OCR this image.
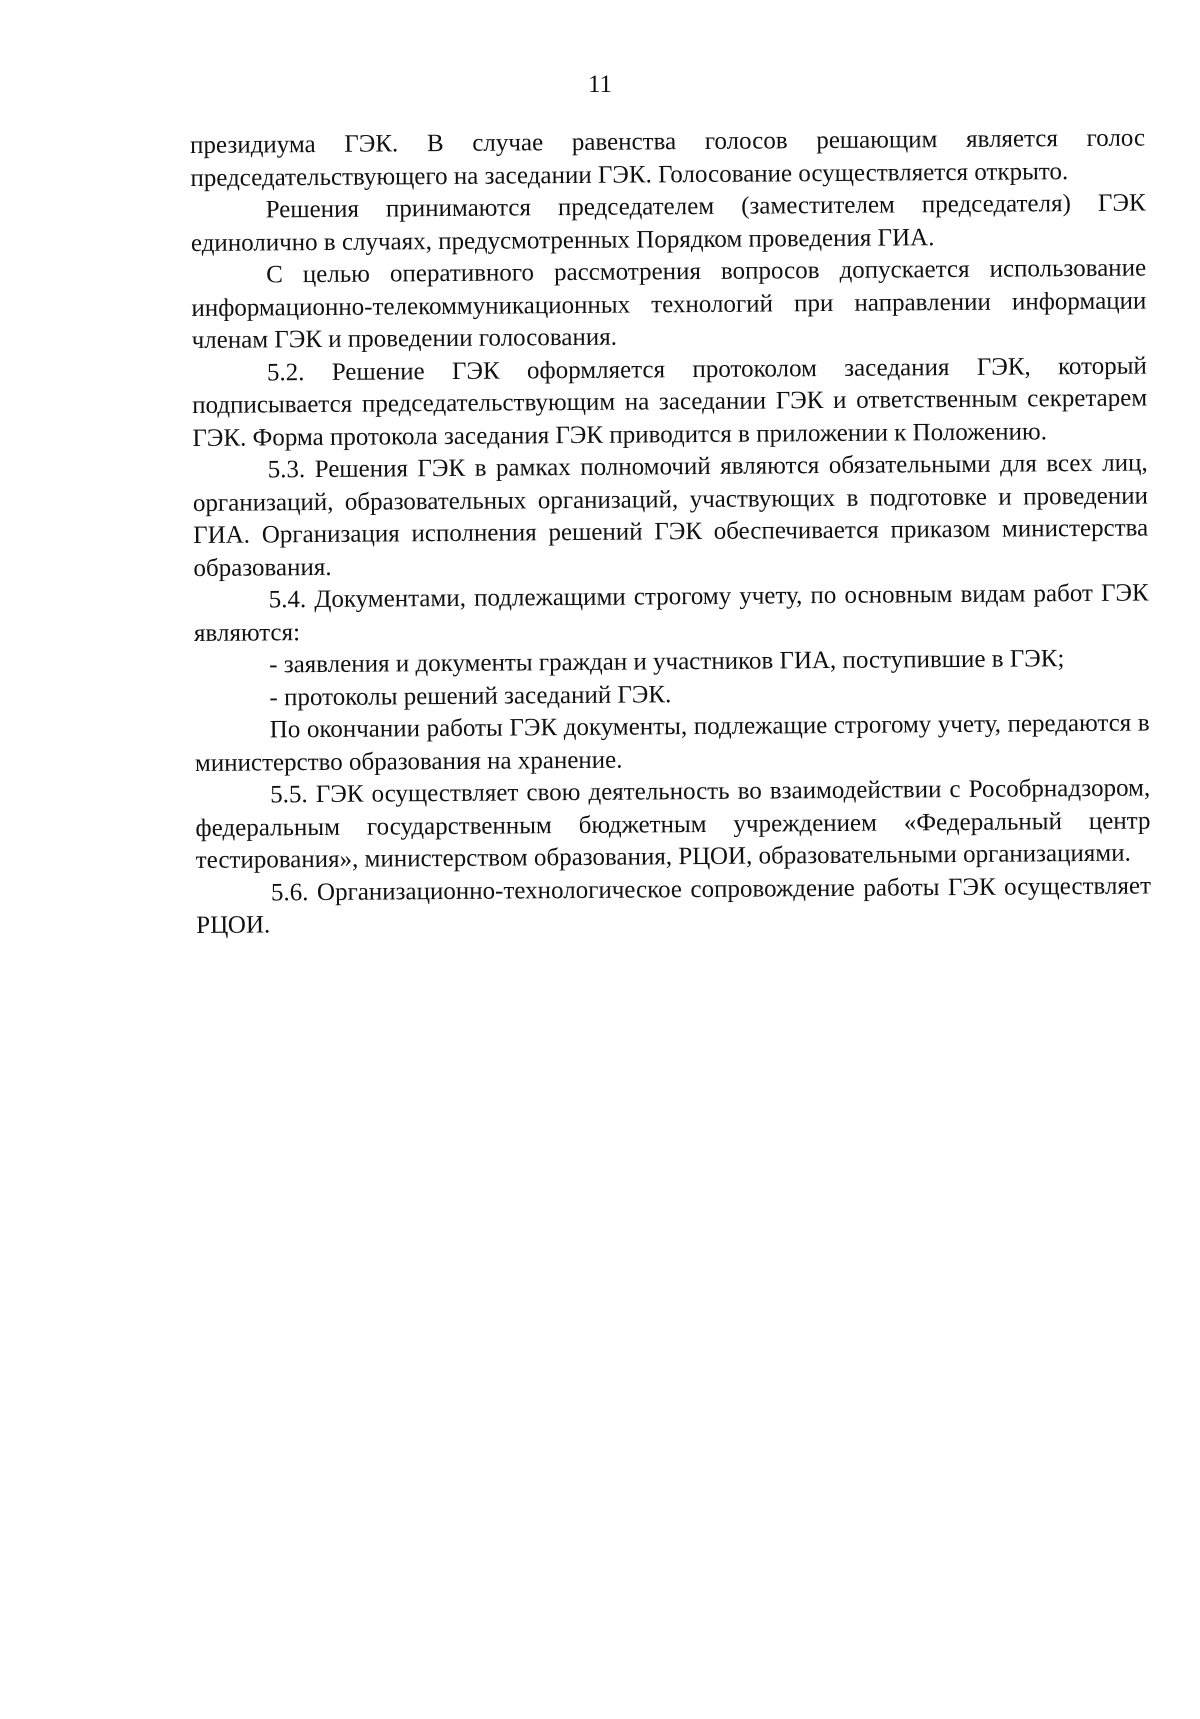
11

президиума ГЭК. В случае равенства голосов решающим является голос председательствующего на заседании ГЭК. Голосование осуществляется открыто.

Решения принимаются председателем (заместителем председателя) ГЭК единолично в случаях, предусмотренных Порядком проведения ГИА.

С целью оперативного рассмотрения вопросов допускается использование информационно-телекоммуникационных технологий при направлении информации членам ГЭК и проведении голосования.

5.2. Решение ГЭК оформляется протоколом заседания ГЭК, который подписывается председательствующим на заседании ГЭК и ответственным секретарем ГЭК. Форма протокола заседания ГЭК приводится в приложении к Положению.

5.3. Решения ГЭК в рамках полномочий являются обязательными для всех лиц, организаций, образовательных организаций, участвующих в подготовке и проведении ГИА. Организация исполнения решений ГЭК обеспечивается приказом министерства образования.

5.4. Документами, подлежащими строгому учету, по основным видам работ ГЭК являются:

- заявления и документы граждан и участников ГИА, поступившие в ГЭК;

- протоколы решений заседаний ГЭК.

По окончании работы ГЭК документы, подлежащие строгому учету, передаются в министерство образования на хранение.

5.5. ГЭК осуществляет свою деятельность во взаимодействии с Рособрнадзором, федеральным государственным бюджетным учреждением «Федеральный центр тестирования», министерством образования, РЦОИ, образовательными организациями.

5.6. Организационно-технологическое сопровождение работы ГЭК осуществляет РЦОИ.
